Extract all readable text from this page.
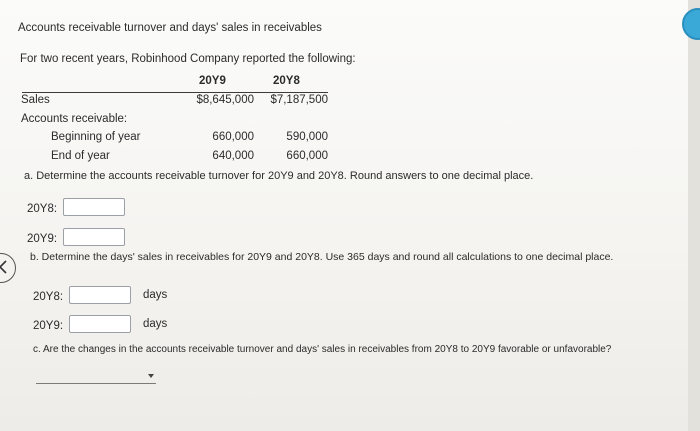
Accounts receivable turnover and days' sales in receivables
For two recent years, Robinhood Company reported the following:
20Y9	20Y8
Sales	$8,645,000	$7,187,500
Accounts receivable:
Beginning of year	660,000	590,000
End of year	640,000	660,000
a. Determine the accounts receivable turnover for 20Y9 and 20Y8. Round answers to one decimal place.
20Y8:
20Y9:
b. Determine the days' sales in receivables for 20Y9 and 20Y8. Use 365 days and round all calculations to one decimal place.
20Y8:	days
20Y9:	days
c. Are the changes in the accounts receivable turnover and days' sales in receivables from 20Y8 to 20Y9 favorable or unfavorable?
